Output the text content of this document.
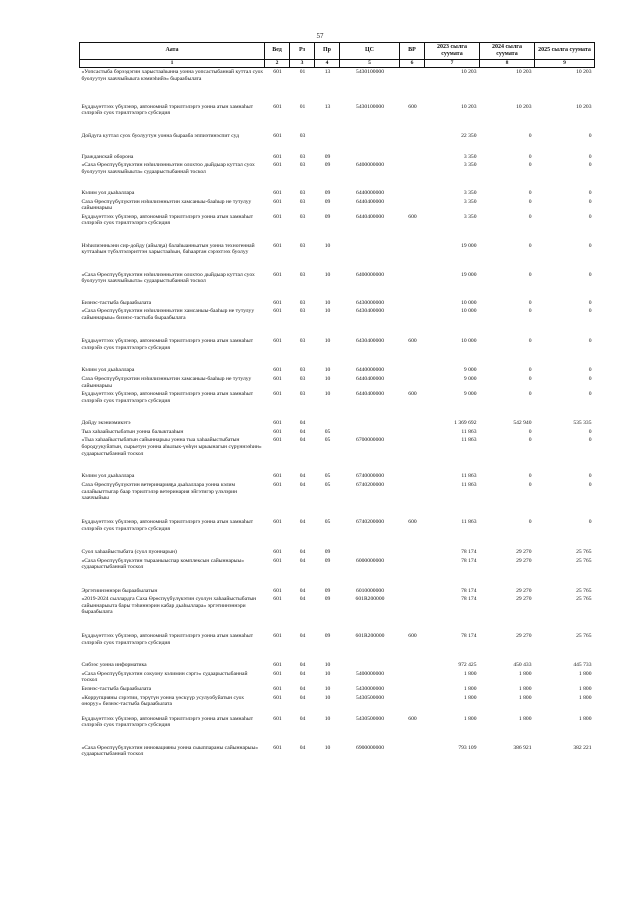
57
Аата	Вед	Рз	Пр	ЦС	ВР	2023 сылга суумата	2024 сылга суумата	2025 сылга суумата
1	2	3	4	5	6	7	8	9
«Уопсастыба бэрээдэгин харыстааhынна уонна уопсастыбаннай куттал суох буолуутун хааччыйыыга кэмиэhийэ» быраабылата	601	01	13	5430100000		10 203	10 203	10 203
Бүддьүөттээх үбүлэнэр, автономнай тэрилтэлэргэ уонна атын хамнаһыт сэлэрэйэ суох тэрилтэлэргэ субсидия	601	01	13	5430100000	600	10 203	10 203	10 203
Дойдуга куттал суох буолуутун уонна бырааба эппиэтинэспит суд	601	03				22 350	0	0
Гражданскай оборона	601	03	09			3 350	0	0
«Саха Өрөспүүбүлүкэтин нэhилиэнньэтин олохтоо дыйдыар куттал суох буолуутун хааччыйыыта» судаарыстыбаннай тоскол	601	03	09	6400000000		3 350	0	0
Кэлим уол дьаhаллара	601	03	09	6440000000		3 350	0	0
Саха Өрөспүүбүлүкэтин нэhилиэнньэтин хамсаныы-бааhыр не тутулуу сайыннарыы	601	03	09	6440400000		3 350	0	0
Бүддьүөттээх үбүлэнэр, автономнай тэрилтэлэргэ уонна атын хамнаһыт сэлэрэйэ суох тэрилтэлэргэ субсидия	601	03	09	6440400000	600	3 350	0	0
Нэhилиэнньэни сир-дойду (айылҕа) балаhыанньатын уонна техногеннай куттааhын түбэлтэлэриттэн харыстааhын, баhаартан сэрэхтээх буолуу	601	03	10			19 000	0	0
«Саха Өрөспүүбүлүкэтин нэhилиэнньэтин олохтоо дыйдыар куттал суох буолуутун хааччыйыыта» судаарыстыбаннай тоскол	601	03	10	6400000000		19 000	0	0
Бизнэс-тастыба быраабылата	601	03	10	6430000000		10 000	0	0
«Саха Өрөспүүбүлүкэтин нэhилиэнньэтин хамсаныы-бааhыр не тутулуу сайыннарыы» бизнэс-тастыба быраабылата	601	03	10	6430400000		10 000	0	0
Бүддьүөттээх үбүлэнэр, автономнай тэрилтэлэргэ уонна атын хамнаһыт сэлэрэйэ суох тэрилтэлэргэ субсидия	601	03	10	6430400000	600	10 000	0	0
Кэлим уол дьаhаллара	601	03	10	6440000000		9 000	0	0
Саха Өрөспүүбүлүкэтин нэhилиэнньэтин хамсаныы-бааhыр не тутулуу сайыннарыы	601	03	10	6440400000		9 000	0	0
Бүддьүөттээх үбүлэнэр, автономнай тэрилтэлэргэ уонна атын хамнаһыт сэлэрэйэ суох тэрилтэлэргэ субсидия	601	03	10	6440400000	600	9 000	0	0
Дойду экэниэмикэтэ	601	04				1 369 692	542 940	535 335
Тыа хаhаайыстыбатын уонна балыктааhын	601	04	05			11 863	0	0
«Тыа хаhаайыстыбатын сайыннарыы уонна тыа хаhаайыстыбатын бородуукуйатын, сырьетун уонна аhылык-үөһүн ырыынагын сүрүннээhин» судаарыстыбаннай тоскол	601	04	05	6700000000		11 863	0	0
Кэлим уол дьаhаллара	601	04	05	6740000000		11 863	0	0
Саха Өрөспүүбүлүкэтин ветеринарияҕа дьаhаллара уонна кэлим салайыыттыгар баар тэрилтэлэр ветеринария эйгэтигэр үлэлэрин хааччыйыы	601	04	05	6740200000		11 863	0	0
Бүддьүөттээх үбүлэнэр, автономнай тэрилтэлэргэ уонна атын хамнаһыт сэлэрэйэ суох тэрилтэлэргэ субсидия	601	04	05	6740200000	600	11 863	0	0
Суол хаhаайыстыбата (суол пуоннарын)	601	04	09			78 174	29 270	25 765
«Саха Өрөспүүбүлүкэтин тырааныыспар комплексын сайыннарыы» судаарыстыбаннай тоскол	601	04	09	6000000000		78 174	29 270	25 765
Эргэтиинэннэри быраабылатын	601	04	09	6010000000		78 174	29 270	25 765
«2019-2024 сыллардга Саха Өрөспүүбүлүкэтин суолун хаhаайыстыбатын сайыннарыыта бары тэhиннэрин кабар дьаhыллара» эргэтиинэннэри быраабылата	601	04	09	601R200000		78 174	29 270	25 765
Бүддьүөттээх үбүлэнэр, автономнай тэрилтэлэргэ уонна атын хамнаһыт сэлэрэйэ суох тэрилтэлэргэ субсидия	601	04	09	601R200000	600	78 174	29 270	25 765
Сибээс уонна информатика	601	04	10			972 425	450 433	445 733
«Саха Өрөспүүбүлүкэтин сокуону кэлимин сэргэ» судаарыстыбаннай тоскол	601	04	10	5400000000		1 800	1 800	1 800
Бизнэс-тастыба быраабылата	601	04	10	5430000000		1 800	1 800	1 800
«Коррупцияны сэрэтии, тэрүтүн уонна үөскүүр усулуобуйатын суох оноруу» бизнэс-тастыба быраабылата	601	04	10	5430500000		1 800	1 800	1 800
Бүддьүөттээх үбүлэнэр, автономнай тэрилтэлэргэ уонна атын хамнаһыт сэлэрэйэ суох тэрилтэлэргэ субсидия	601	04	10	5430500000	600	1 800	1 800	1 800
«Саха Өрөспүүбүлүкэтин инновацияны уонна сыыппараны сайыннарыы» судаарыстыбаннай тоскол	601	04	10	6900000000		793 109	386 921	382 221
